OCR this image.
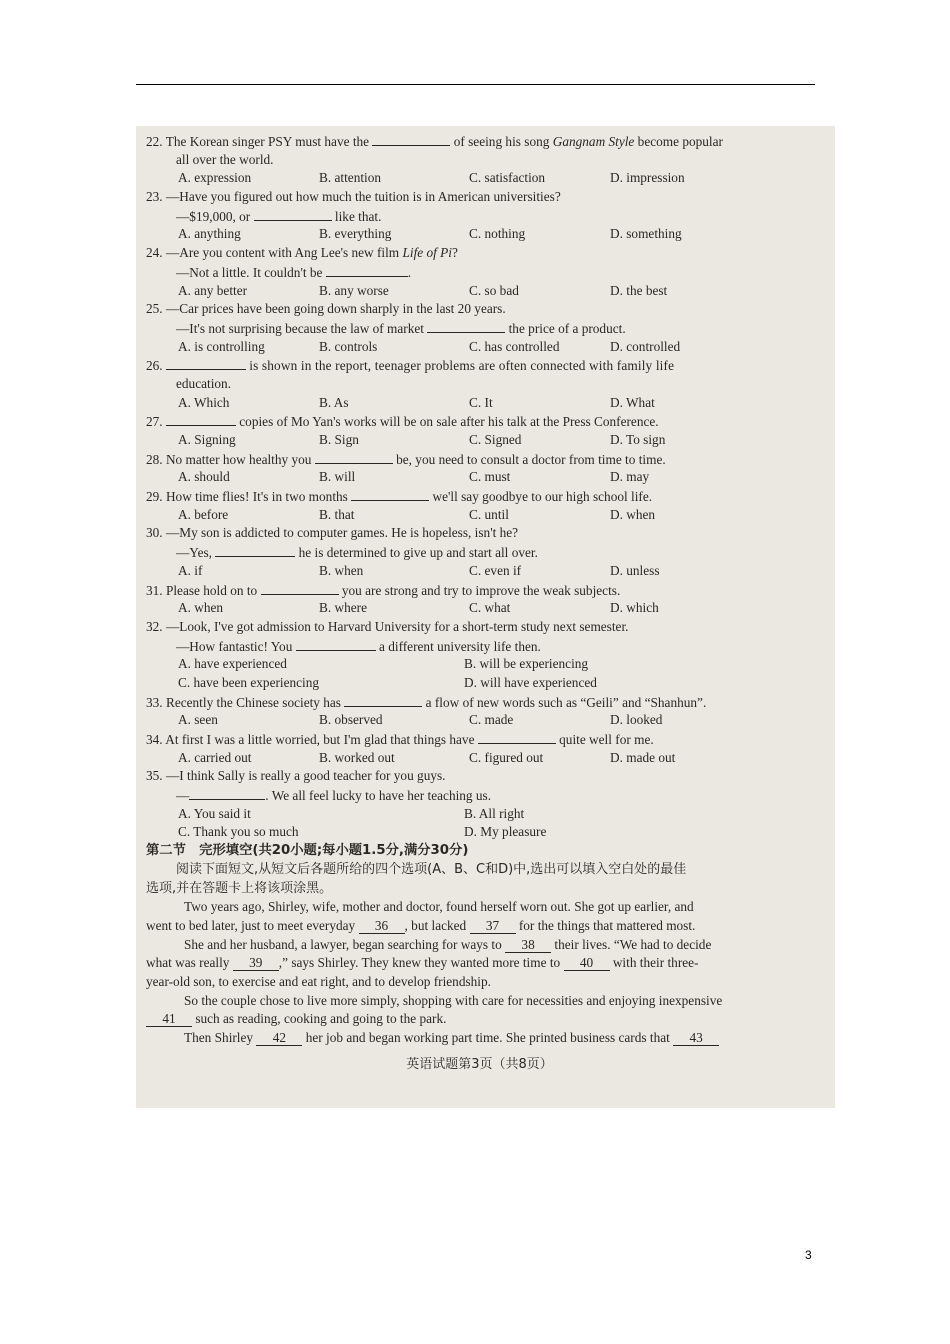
22. The Korean singer PSY must have the	of seeing his song Gangnam Style become popular
all over the world.
A. expression	B. attention	C. satisfaction	D. impression
23. —Have you figured out how much the tuition is in American universities?
—$19,000, or	like that.
A. anything	B. everything	C. nothing	D. something
24. —Are you content with Ang Lee's new film Life of Pi?
—Not a little. It couldn't be	.
A. any better	B. any worse	C. so bad	D. the best
25. —Car prices have been going down sharply in the last 20 years.
—It's not surprising because the law of market	the price of a product.
A. is controlling	B. controls	C. has controlled	D. controlled
26.	is shown in the report, teenager problems are often connected with family life
education.
A. Which	B. As	C. It	D. What
27.	copies of Mo Yan's works will be on sale after his talk at the Press Conference.
A. Signing	B. Sign	C. Signed	D. To sign
28. No matter how healthy you	be, you need to consult a doctor from time to time.
A. should	B. will	C. must	D. may
29. How time flies! It's in two months	we'll say goodbye to our high school life.
A. before	B. that	C. until	D. when
30. —My son is addicted to computer games. He is hopeless, isn't he?
—Yes,	he is determined to give up and start all over.
A. if	B. when	C. even if	D. unless
31. Please hold on to	you are strong and try to improve the weak subjects.
A. when	B. where	C. what	D. which
32. —Look, I've got admission to Harvard University for a short-term study next semester.
—How fantastic! You	a different university life then.
A. have experienced	B. will be experiencing
C. have been experiencing	D. will have experienced
33. Recently the Chinese society has	a flow of new words such as “Geili” and “Shanhun”.
A. seen	B. observed	C. made	D. looked
34. At first I was a little worried, but I'm glad that things have	quite well for me.
A. carried out	B. worked out	C. figured out	D. made out
35. —I think Sally is really a good teacher for you guys.
—	. We all feel lucky to have her teaching us.
A. You said it	B. All right
C. Thank you so much	D. My pleasure
第二节　完形填空(共20小题;每小题1.5分,满分30分)
阅读下面短文,从短文后各题所给的四个选项(A、B、C和D)中,选出可以填入空白处的最佳
选项,并在答题卡上将该项涂黑。
Two years ago, Shirley, wife, mother and doctor, found herself worn out. She got up earlier, and
went to bed later, just to meet everyday 36 , but lacked 37 for the things that mattered most.
She and her husband, a lawyer, began searching for ways to 38 their lives. “We had to decide
what was really 39 ,” says Shirley. They knew they wanted more time to 40 with their three-
year-old son, to exercise and eat right, and to develop friendship.
So the couple chose to live more simply, shopping with care for necessities and enjoying inexpensive
41 such as reading, cooking and going to the park.
Then Shirley 42 her job and began working part time. She printed business cards that 43
英语试题第3页（共8页）
3
